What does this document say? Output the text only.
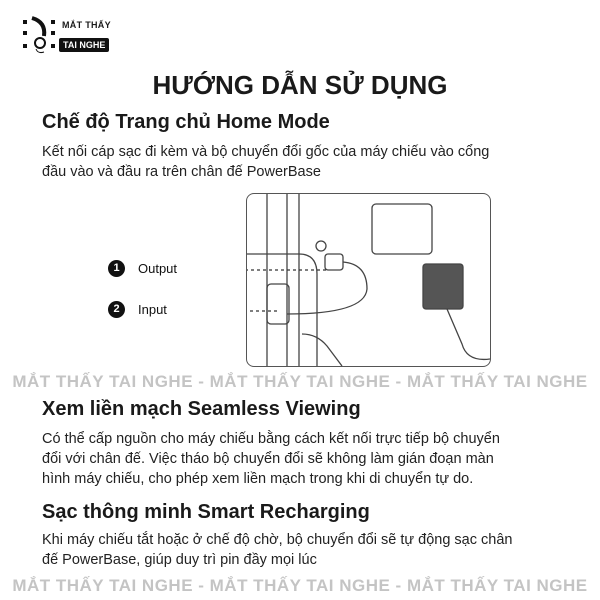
MẮT THẤY
TAI NGHE
HƯỚNG DẪN SỬ DỤNG
Chế độ Trang chủ Home Mode
Kết nối cáp sạc đi kèm và bộ chuyển đổi gốc của máy chiếu vào cổng
đầu vào và đầu ra trên chân đế PowerBase
1	Output
2	Input
MẮT THẤY TAI NGHE - MẮT THẤY TAI NGHE - MẮT THẤY TAI NGHE
Xem liền mạch Seamless Viewing
Có thể cấp nguồn cho máy chiếu bằng cách kết nối trực tiếp bộ chuyển
đổi với chân đế. Việc tháo bộ chuyển đổi sẽ không làm gián đoạn màn
hình máy chiếu, cho phép xem liền mạch trong khi di chuyển tự do.
Sạc thông minh Smart Recharging
Khi máy chiếu tắt hoặc ở chế độ chờ, bộ chuyển đổi sẽ tự động sạc chân
đế PowerBase, giúp duy trì pin đầy mọi lúc
MẮT THẤY TAI NGHE - MẮT THẤY TAI NGHE - MẮT THẤY TAI NGHE
